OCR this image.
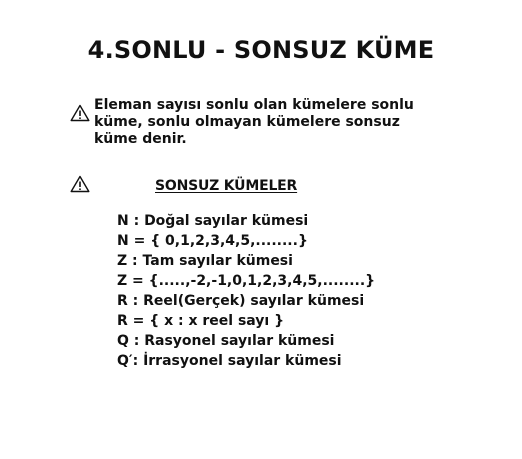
4.SONLU - SONSUZ KÜME
Eleman sayısı sonlu olan kümelere sonlu
küme, sonlu olmayan kümelere sonsuz
küme denir.
SONSUZ KÜMELER
N : Doğal sayılar kümesi
N = { 0,1,2,3,4,5,........}
Z : Tam sayılar kümesi
Z = {.....,-2,-1,0,1,2,3,4,5,........}
R : Reel(Gerçek) sayılar kümesi
R = { x : x reel sayı }
Q : Rasyonel sayılar kümesi
Q′: İrrasyonel sayılar kümesi
